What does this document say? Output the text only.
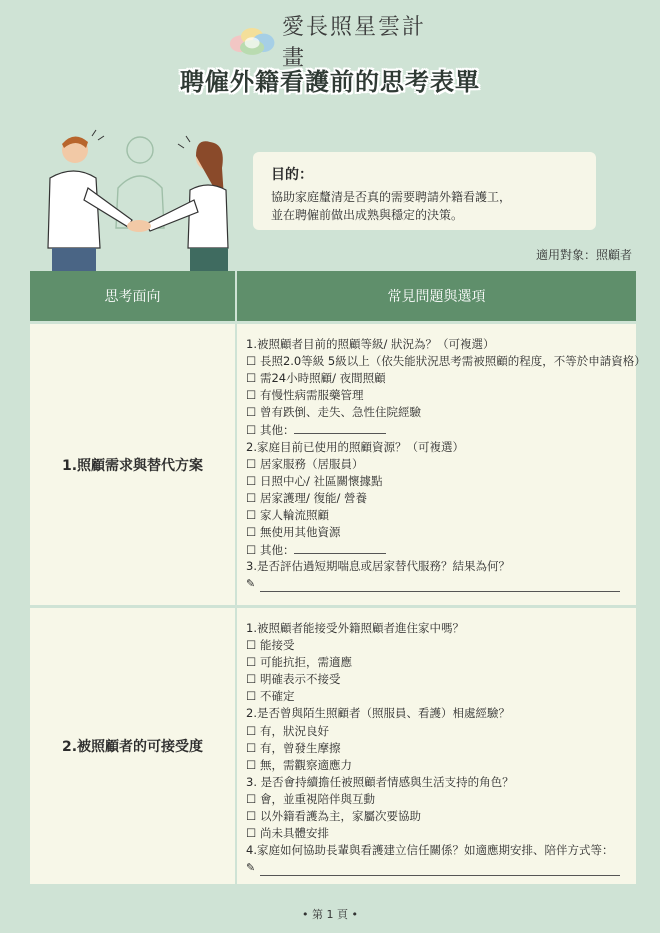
愛長照星雲計畫
聘僱外籍看護前的思考表單
目的：
協助家庭釐清是否真的需要聘請外籍看護工，
並在聘僱前做出成熟與穩定的決策。
適用對象：照顧者
思考面向	常見問題與選項
1.照顧需求與替代方案
1.被照顧者目前的照顧等級/ 狀況為？（可複選）
☐ 長照2.0等級 5級以上（依失能狀況思考需被照顧的程度，不等於申請資格）
☐ 需24小時照顧/ 夜間照顧
☐ 有慢性病需服藥管理
☐ 曾有跌倒、走失、急性住院經驗
☐ 其他：
2.家庭目前已使用的照顧資源？（可複選）
☐ 居家服務（居服員）
☐ 日照中心/ 社區關懷據點
☐ 居家護理/ 復能/ 營養
☐ 家人輪流照顧
☐ 無使用其他資源
☐ 其他：
3.是否評估過短期喘息或居家替代服務？結果為何？
✎
2.被照顧者的可接受度
1.被照顧者能接受外籍照顧者進住家中嗎？
☐ 能接受
☐ 可能抗拒，需適應
☐ 明確表示不接受
☐ 不確定
2.是否曾與陌生照顧者（照服員、看護）相處經驗？
☐ 有，狀況良好
☐ 有，曾發生摩擦
☐ 無，需觀察適應力
3. 是否會持續擔任被照顧者情感與生活支持的角色？
☐ 會，並重視陪伴與互動
☐ 以外籍看護為主，家屬次要協助
☐ 尚未具體安排
4.家庭如何協助長輩與看護建立信任關係？如適應期安排、陪伴方式等：
✎
• 第 1 頁 •
